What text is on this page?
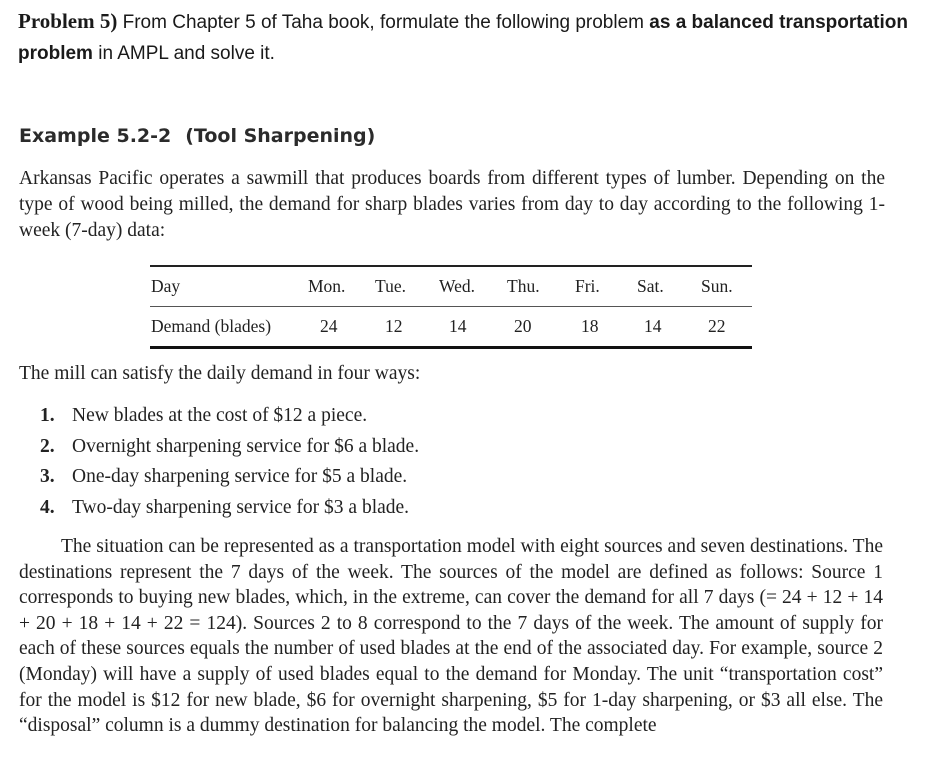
Problem 5) From Chapter 5 of Taha book, formulate the following problem as a balanced transportation problem in AMPL and solve it.
Example 5.2-2 (Tool Sharpening)
Arkansas Pacific operates a sawmill that produces boards from different types of lumber. Depending on the type of wood being milled, the demand for sharp blades varies from day to day according to the following 1-week (7-day) data:
Day	Mon. Tue. Wed. Thu. Fri. Sat. Sun.
Demand (blades)	24	12	14	20	18	14	22
The mill can satisfy the daily demand in four ways:
1. New blades at the cost of $12 a piece.
2. Overnight sharpening service for $6 a blade.
3. One-day sharpening service for $5 a blade.
4. Two-day sharpening service for $3 a blade.
The situation can be represented as a transportation model with eight sources and seven destinations. The destinations represent the 7 days of the week. The sources of the model are defined as follows: Source 1 corresponds to buying new blades, which, in the extreme, can cover the demand for all 7 days (= 24 + 12 + 14 + 20 + 18 + 14 + 22 = 124). Sources 2 to 8 correspond to the 7 days of the week. The amount of supply for each of these sources equals the number of used blades at the end of the associated day. For example, source 2 (Monday) will have a supply of used blades equal to the demand for Monday. The unit “transportation cost” for the model is $12 for new blade, $6 for overnight sharpening, $5 for 1-day sharpening, or $3 all else. The “disposal” column is a dummy destination for balancing the model. The complete
